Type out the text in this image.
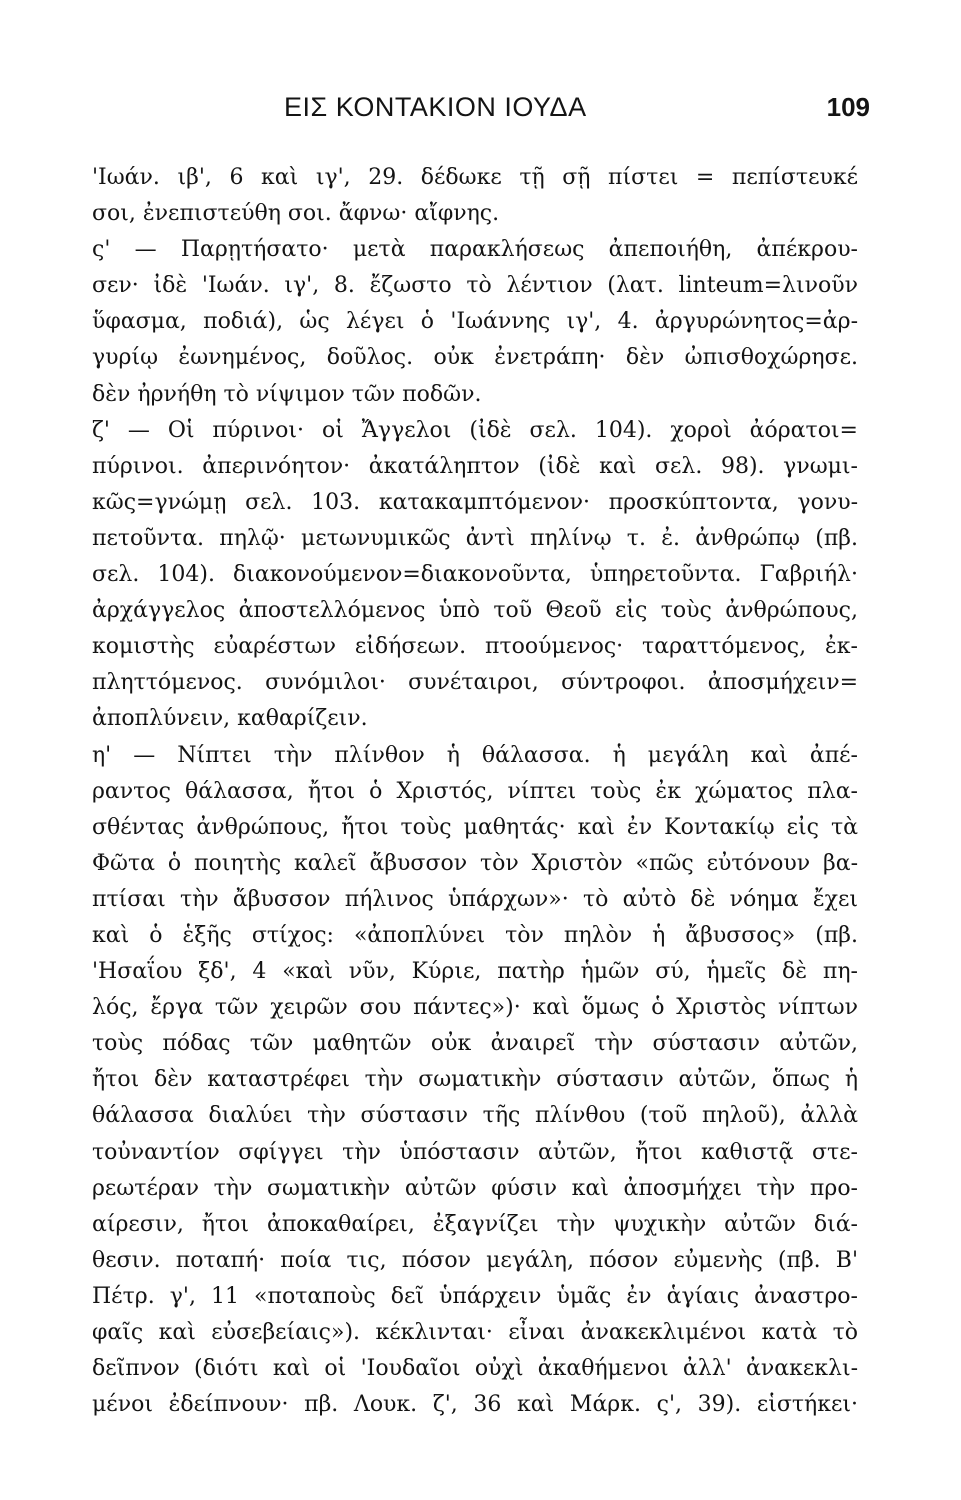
ΕΙΣ ΚΟΝΤΑΚΙΟΝ ΙΟΥΔΑ	109
'Ιωάν. ιβ', 6 καὶ ιγ', 29. δέδωκε τῇ σῇ πίστει = πεπίστευκέ
σοι, ἐνεπιστεύθη σοι. ἄφνω· αἴφνης.
ς' — Παρῃτήσατο· μετὰ παρακλήσεως ἀπεποιήθη, ἀπέκρου-
σεν· ἰδὲ 'Ιωάν. ιγ', 8. ἔζωστο τὸ λέντιον (λατ. linteum=λινοῦν
ὕφασμα, ποδιά), ὡς λέγει ὁ 'Ιωάννης ιγ', 4. ἀργυρώνητος=ἀρ-
γυρίῳ ἐωνημένος, δοῦλος. οὐκ ἐνετράπη· δὲν ὠπισθοχώρησε.
δὲν ἠρνήθη τὸ νίψιμον τῶν ποδῶν.
ζ' — Οἱ πύρινοι· οἱ Ἄγγελοι (ἰδὲ σελ. 104). χοροὶ ἀόρατοι=
πύρινοι. ἀπερινόητον· ἀκατάληπτον (ἰδὲ καὶ σελ. 98). γνωμι-
κῶς=γνώμῃ σελ. 103. κατακαμπτόμενον· προσκύπτοντα, γονυ-
πετοῦντα. πηλῷ· μετωνυμικῶς ἀντὶ πηλίνῳ τ. ἐ. ἀνθρώπῳ (πβ.
σελ. 104). διακονούμενον=διακονοῦντα, ὑπηρετοῦντα. Γαβριήλ·
ἀρχάγγελος ἀποστελλόμενος ὑπὸ τοῦ Θεοῦ εἰς τοὺς ἀνθρώπους,
κομιστὴς εὐαρέστων εἰδήσεων. πτοούμενος· ταραττόμενος, ἐκ-
πληττόμενος. συνόμιλοι· συνέταιροι, σύντροφοι. ἀποσμήχειν=
ἀποπλύνειν, καθαρίζειν.
η' — Νίπτει τὴν πλίνθον ἡ θάλασσα. ἡ μεγάλη καὶ ἀπέ-
ραντος θάλασσα, ἤτοι ὁ Χριστός, νίπτει τοὺς ἐκ χώματος πλα-
σθέντας ἀνθρώπους, ἤτοι τοὺς μαθητάς· καὶ ἐν Κοντακίῳ εἰς τὰ
Φῶτα ὁ ποιητὴς καλεῖ ἄβυσσον τὸν Χριστὸν «πῶς εὐτόνουν βα-
πτίσαι τὴν ἄβυσσον πήλινος ὑπάρχων»· τὸ αὐτὸ δὲ νόημα ἔχει
καὶ ὁ ἑξῆς στίχος: «ἀποπλύνει τὸν πηλὸν ἡ ἄβυσσος» (πβ.
'Ησαΐου ξδ', 4 «καὶ νῦν, Κύριε, πατὴρ ἡμῶν σύ, ἡμεῖς δὲ πη-
λός, ἔργα τῶν χειρῶν σου πάντες»)· καὶ ὅμως ὁ Χριστὸς νίπτων
τοὺς πόδας τῶν μαθητῶν οὐκ ἀναιρεῖ τὴν σύστασιν αὐτῶν,
ἤτοι δὲν καταστρέφει τὴν σωματικὴν σύστασιν αὐτῶν, ὅπως ἡ
θάλασσα διαλύει τὴν σύστασιν τῆς πλίνθου (τοῦ πηλοῦ), ἀλλὰ
τοὐναντίον σφίγγει τὴν ὑπόστασιν αὐτῶν, ἤτοι καθιστᾷ στε-
ρεωτέραν τὴν σωματικὴν αὐτῶν φύσιν καὶ ἀποσμήχει τὴν προ-
αίρεσιν, ἤτοι ἀποκαθαίρει, ἐξαγνίζει τὴν ψυχικὴν αὐτῶν διά-
θεσιν. ποταπή· ποία τις, πόσον μεγάλη, πόσον εὐμενὴς (πβ. Β'
Πέτρ. γ', 11 «ποταποὺς δεῖ ὑπάρχειν ὑμᾶς ἐν ἁγίαις ἀναστρο-
φαῖς καὶ εὐσεβείαις»). κέκλινται· εἶναι ἀνακεκλιμένοι κατὰ τὸ
δεῖπνον (διότι καὶ οἱ 'Ιουδαῖοι οὐχὶ ἀκαθήμενοι ἀλλ' ἀνακεκλι-
μένοι ἐδείπνουν· πβ. Λουκ. ζ', 36 καὶ Μάρκ. ς', 39). εἱστήκει·
